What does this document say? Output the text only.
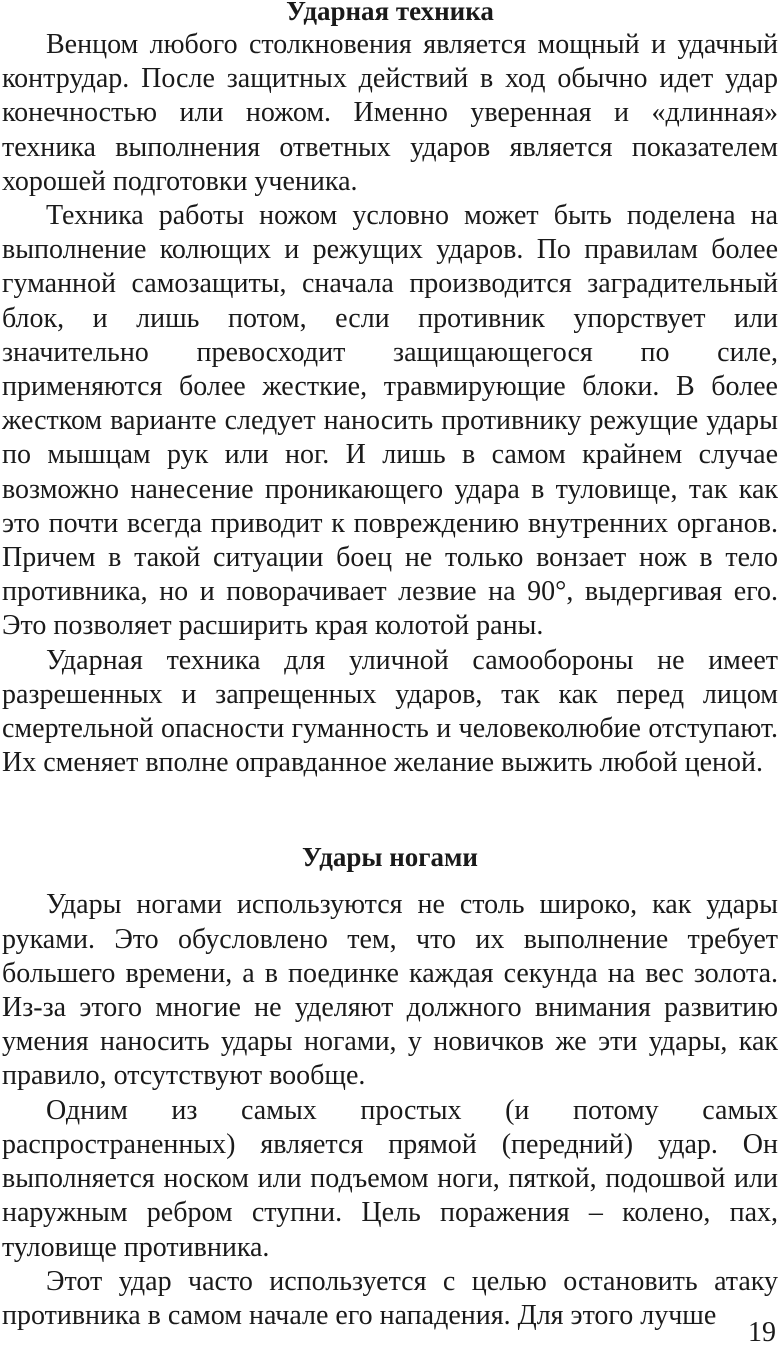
Ударная техника

Венцом любого столкновения является мощный и удачный контрудар. После защитных действий в ход обычно идет удар конечностью или ножом. Именно уверенная и «длинная» техника выполнения ответных ударов является показателем хорошей подготовки ученика.

Техника работы ножом условно может быть поделена на выполнение колющих и режущих ударов. По правилам более гуманной самозащиты, сначала производится заградительный блок, и лишь потом, если противник упорствует или значительно превосходит защищающегося по силе, применяются более жесткие, травмирующие блоки. В более жестком варианте следует наносить противнику режущие удары по мышцам рук или ног. И лишь в самом крайнем случае возможно нанесение проникающего удара в туловище, так как это почти всегда приводит к повреждению внутренних органов. Причем в такой ситуации боец не только вонзает нож в тело противника, но и поворачивает лезвие на 90°, выдергивая его. Это позволяет расширить края колотой раны.

Ударная техника для уличной самообороны не имеет разрешенных и запрещенных ударов, так как перед лицом смертельной опасности гуманность и человеколюбие отступают. Их сменяет вполне оправданное желание выжить любой ценой.

Удары ногами

Удары ногами используются не столь широко, как удары руками. Это обусловлено тем, что их выполнение требует большего времени, а в поединке каждая секунда на вес золота. Из-за этого многие не уделяют должного внимания развитию умения наносить удары ногами, у новичков же эти удары, как правило, отсутствуют вообще.

Одним из самых простых (и потому самых распространенных) является прямой (передний) удар. Он выполняется носком или подъемом ноги, пяткой, подошвой или наружным ребром ступни. Цель поражения – колено, пах, туловище противника.

Этот удар часто используется с целью остановить атаку противника в самом начале его нападения. Для этого лучше

19
